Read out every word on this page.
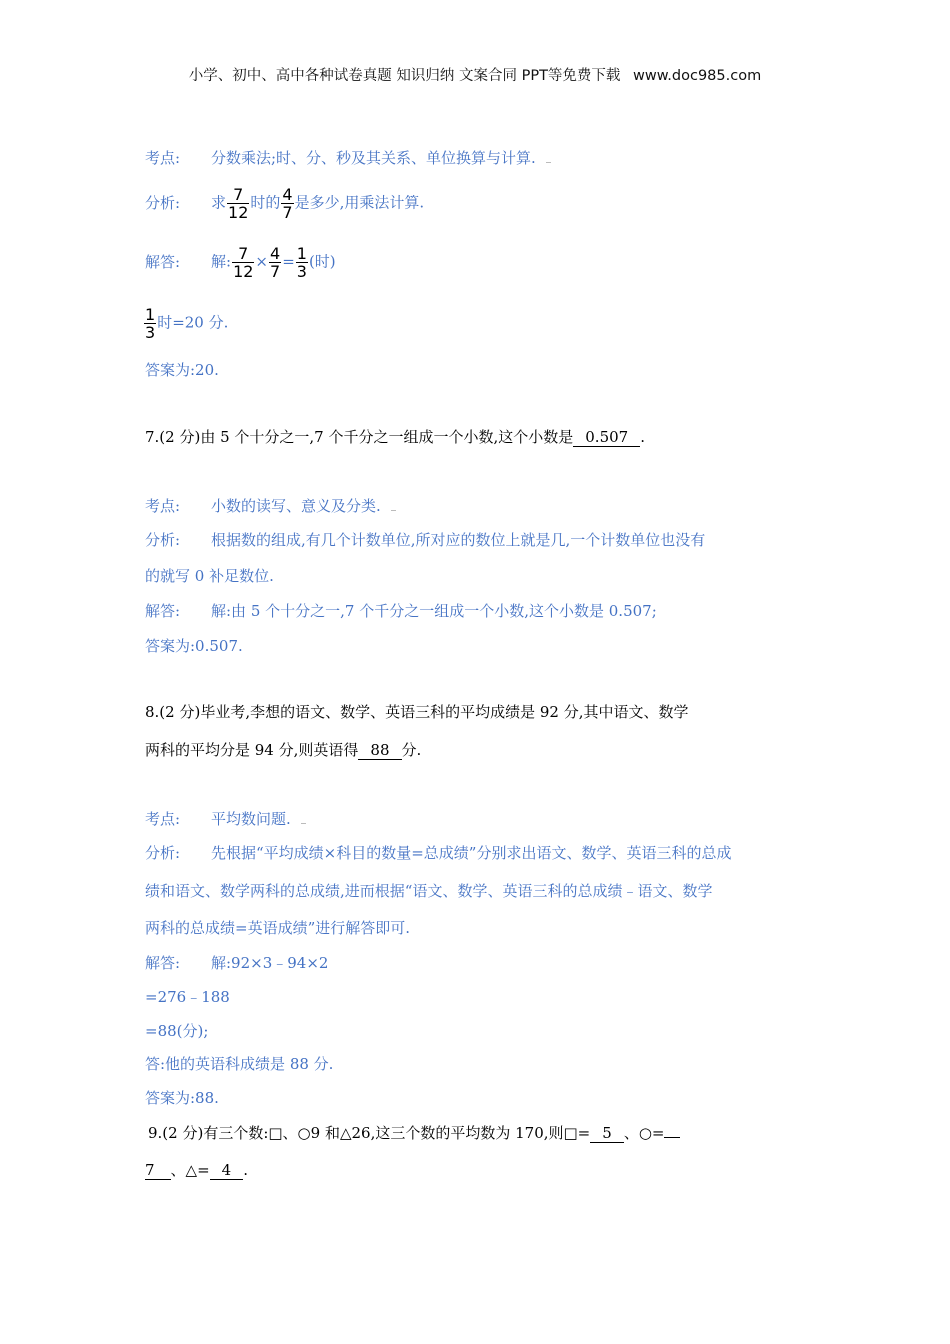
小学、初中、高中各种试卷真题 知识归纳 文案合同 PPT等免费下载 www.doc985.com
考点: 分数乘法;时、分、秒及其关系、单位换算与计算.
分析: 求 $\frac{7}{12}$ 时的 $\frac{4}{7}$ 是多少,用乘法计算.
解答: 解: $\frac{7}{12} \times \frac{4}{7} = \frac{1}{3}$ (时)
$\frac{1}{3}$ 时=20 分.
答案为:20.
7.(2 分)由 5 个十分之一,7 个千分之一组成一个小数,这个小数是 0.507 .
考点: 小数的读写、意义及分类.
分析: 根据数的组成,有几个计数单位,所对应的数位上就是几,一个计数单位也没有
的就写 0 补足数位.
解答: 解:由 5 个十分之一,7 个千分之一组成一个小数,这个小数是 0.507;
答案为:0.507.
8.(2 分)毕业考,李想的语文、数学、英语三科的平均成绩是 92 分,其中语文、数学
两科的平均分是 94 分,则英语得 88 分.
考点: 平均数问题.
分析: 先根据“平均成绩×科目的数量=总成绩”分别求出语文、数学、英语三科的总成
绩和语文、数学两科的总成绩,进而根据“语文、数学、英语三科的总成绩﹣语文、数学
两科的总成绩=英语成绩”进行解答即可.
解答: 解:92×3﹣94×2
=276﹣188
=88(分);
答:他的英语科成绩是 88 分.
答案为:88.
9.(2 分)有三个数:□、○9 和△26,这三个数的平均数为 170,则□= 5 、○=
7 、△= 4 .
